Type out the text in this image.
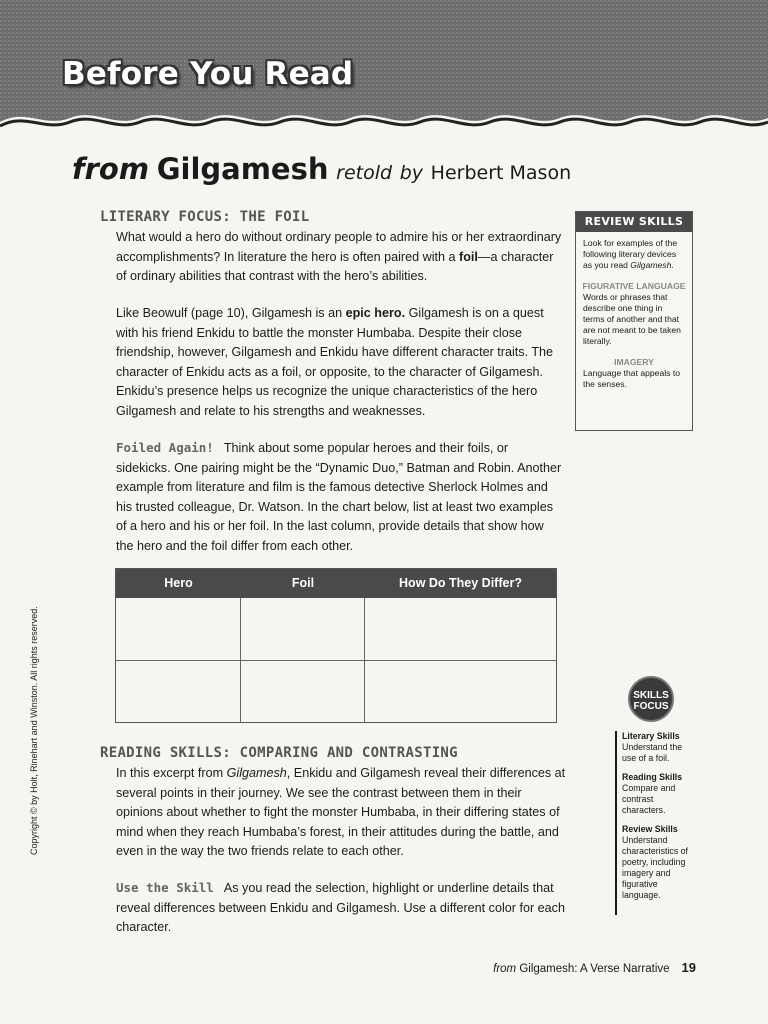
Before You Read
from Gilgamesh retold by Herbert Mason
LITERARY FOCUS: THE FOIL

What would a hero do without ordinary people to admire his or her extraordinary accomplishments? In literature the hero is often paired with a foil—a character of ordinary abilities that contrast with the hero’s abilities.

Like Beowulf (page 10), Gilgamesh is an epic hero. Gilgamesh is on a quest with his friend Enkidu to battle the monster Humbaba. Despite their close friendship, however, Gilgamesh and Enkidu have different character traits. The character of Enkidu acts as a foil, or opposite, to the character of Gilgamesh. Enkidu’s presence helps us recognize the unique characteristics of the hero Gilgamesh and relate to his strengths and weaknesses.

Foiled Again! Think about some popular heroes and their foils, or sidekicks. One pairing might be the “Dynamic Duo,” Batman and Robin. Another example from literature and film is the famous detective Sherlock Holmes and his trusted colleague, Dr. Watson. In the chart below, list at least two examples of a hero and his or her foil. In the last column, provide details that show how the hero and the foil differ from each other.

REVIEW SKILLS

Look for examples of the following literary devices as you read Gilgamesh.

FIGURATIVE LANGUAGE

Words or phrases that describe one thing in terms of another and that are not meant to be taken literally.

IMAGERY

Language that appeals to the senses.

Hero	Foil	How Do They Differ?
READING SKILLS: COMPARING AND CONTRASTING

In this excerpt from Gilgamesh, Enkidu and Gilgamesh reveal their differences at several points in their journey. We see the contrast between them in their opinions about whether to fight the monster Humbaba, in their differing states of mind when they reach Humbaba’s forest, in their attitudes during the battle, and even in the way the two friends relate to each other.

Use the Skill As you read the selection, highlight or underline details that reveal differences between Enkidu and Gilgamesh. Use a different color for each character.

SKILLS
FOCUS

Literary Skills

Understand the use of a foil.

Reading Skills

Compare and contrast characters.

Review Skills

Understand characteristics of poetry, including imagery and figurative language.

Copyright © by Holt, Rinehart and Winston. All rights reserved.

from Gilgamesh: A Verse Narrative 19
